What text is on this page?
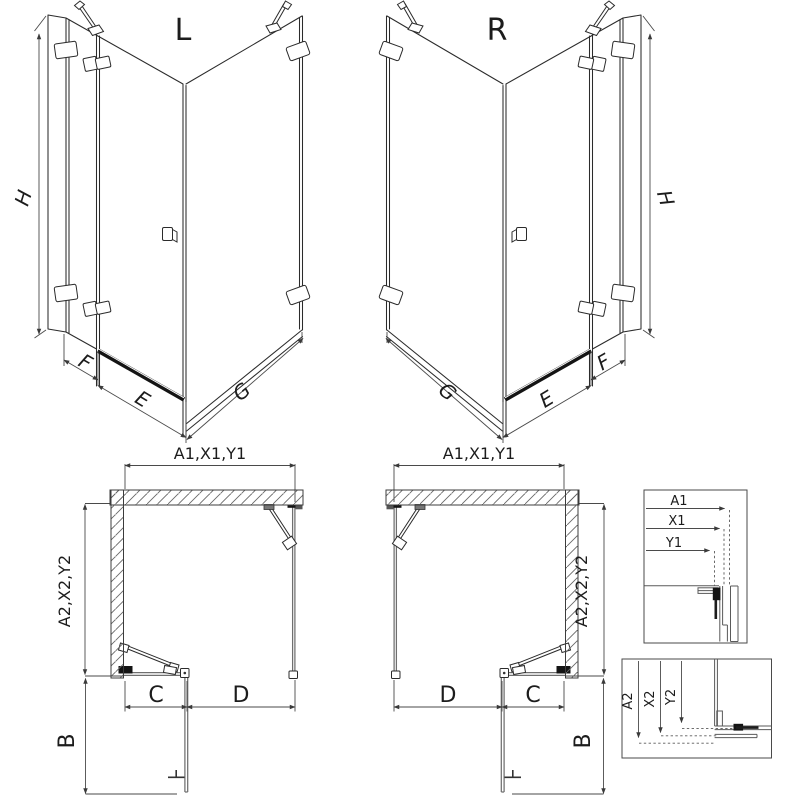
L
H
F
E	G
R
H
G	E
F
A1,X1,Y1
A2,X2,Y2
C	D
B
A1,X1,Y1
A2,X2,Y2
D	C
B
A1
X1
Y1
A2 X2 Y2
